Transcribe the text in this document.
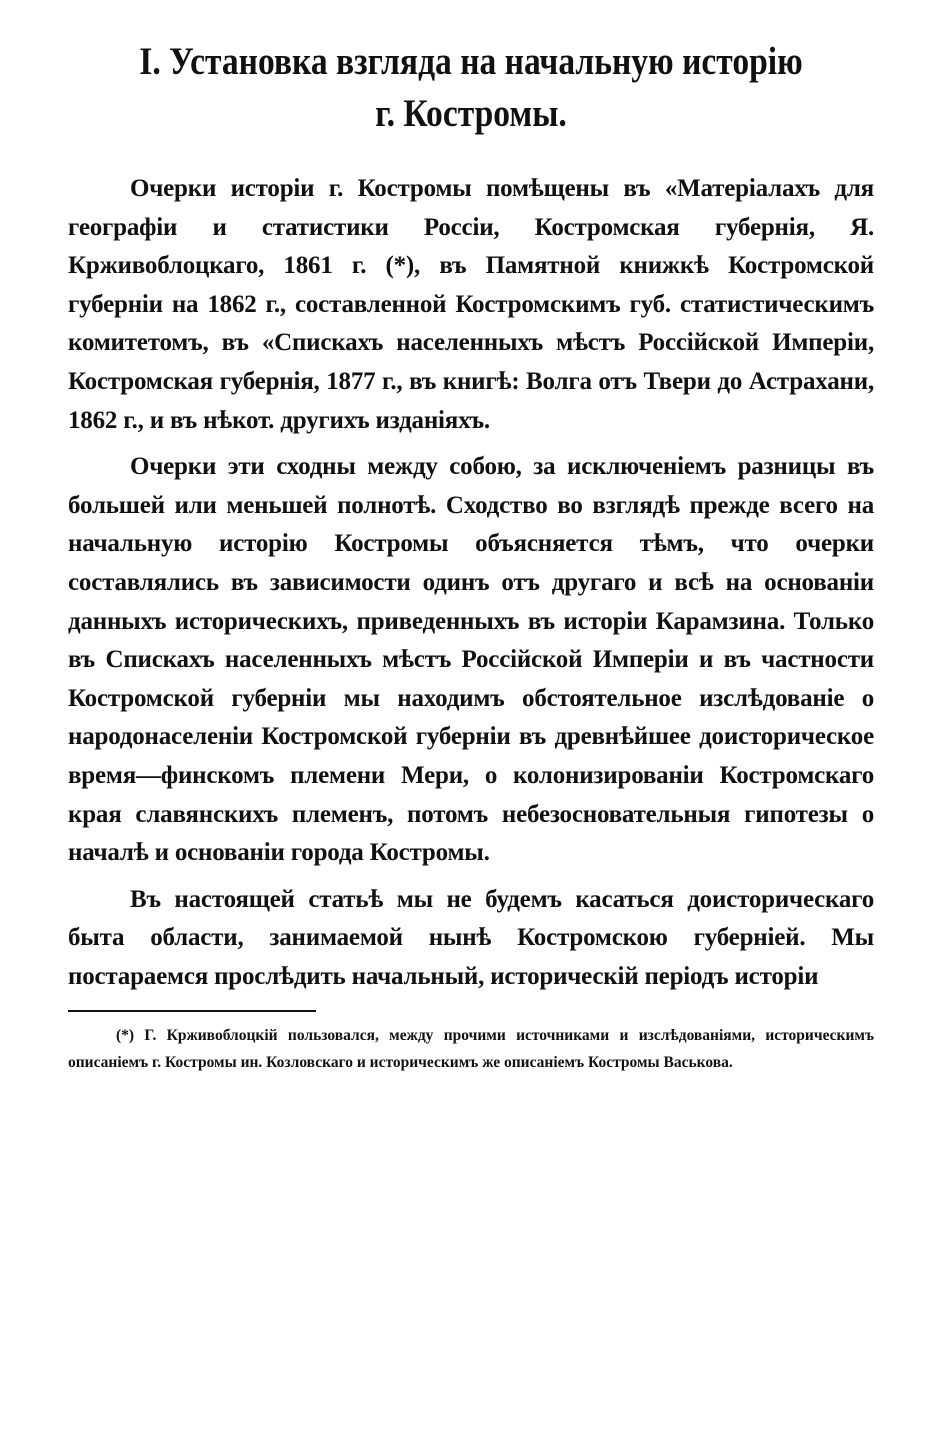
I. Установка взгляда на начальную исторію
г. Костромы.

Очерки исторіи г. Костромы помѣщены въ «Матеріалахъ для географіи и статистики Россіи, Костромская губернія, Я. Крживоблоцкаго, 1861 г. (*), въ Памятной книжкѣ Костромской губерніи на 1862 г., составленной Костромскимъ губ. статистическимъ комитетомъ, въ «Спискахъ населенныхъ мѣстъ Россійской Имперіи, Костромская губернія, 1877 г., въ книгѣ: Волга отъ Твери до Астрахани, 1862 г., и въ нѣкот. другихъ изданіяхъ.

Очерки эти сходны между собою, за исключеніемъ разницы въ большей или меньшей полнотѣ. Сходство во взглядѣ прежде всего на начальную исторію Костромы объясняется тѣмъ, что очерки составлялись въ зависимости одинъ отъ другаго и всѣ на основаніи данныхъ историческихъ, приведенныхъ въ исторіи Карамзина. Только въ Спискахъ населенныхъ мѣстъ Россійской Имперіи и въ частности Костромской губерніи мы находимъ обстоятельное изслѣдованіе о народонаселеніи Костромской губерніи въ древнѣйшее доисторическое время—финскомъ племени Мери, о колонизированіи Костромскаго края славянскихъ племенъ, потомъ небезосновательныя гипотезы о началѣ и основаніи города Костромы.

Въ настоящей статьѣ мы не будемъ касаться доисторическаго быта области, занимаемой нынѣ Костромскою губерніей. Мы постараемся прослѣдить начальный, историческій періодъ исторіи

(*) Г. Крживоблоцкій пользовался, между прочими источниками и изслѣдованіями, историческимъ описаніемъ г. Костромы ин. Козловскаго и историческимъ же описаніемъ Костромы Васькова.
